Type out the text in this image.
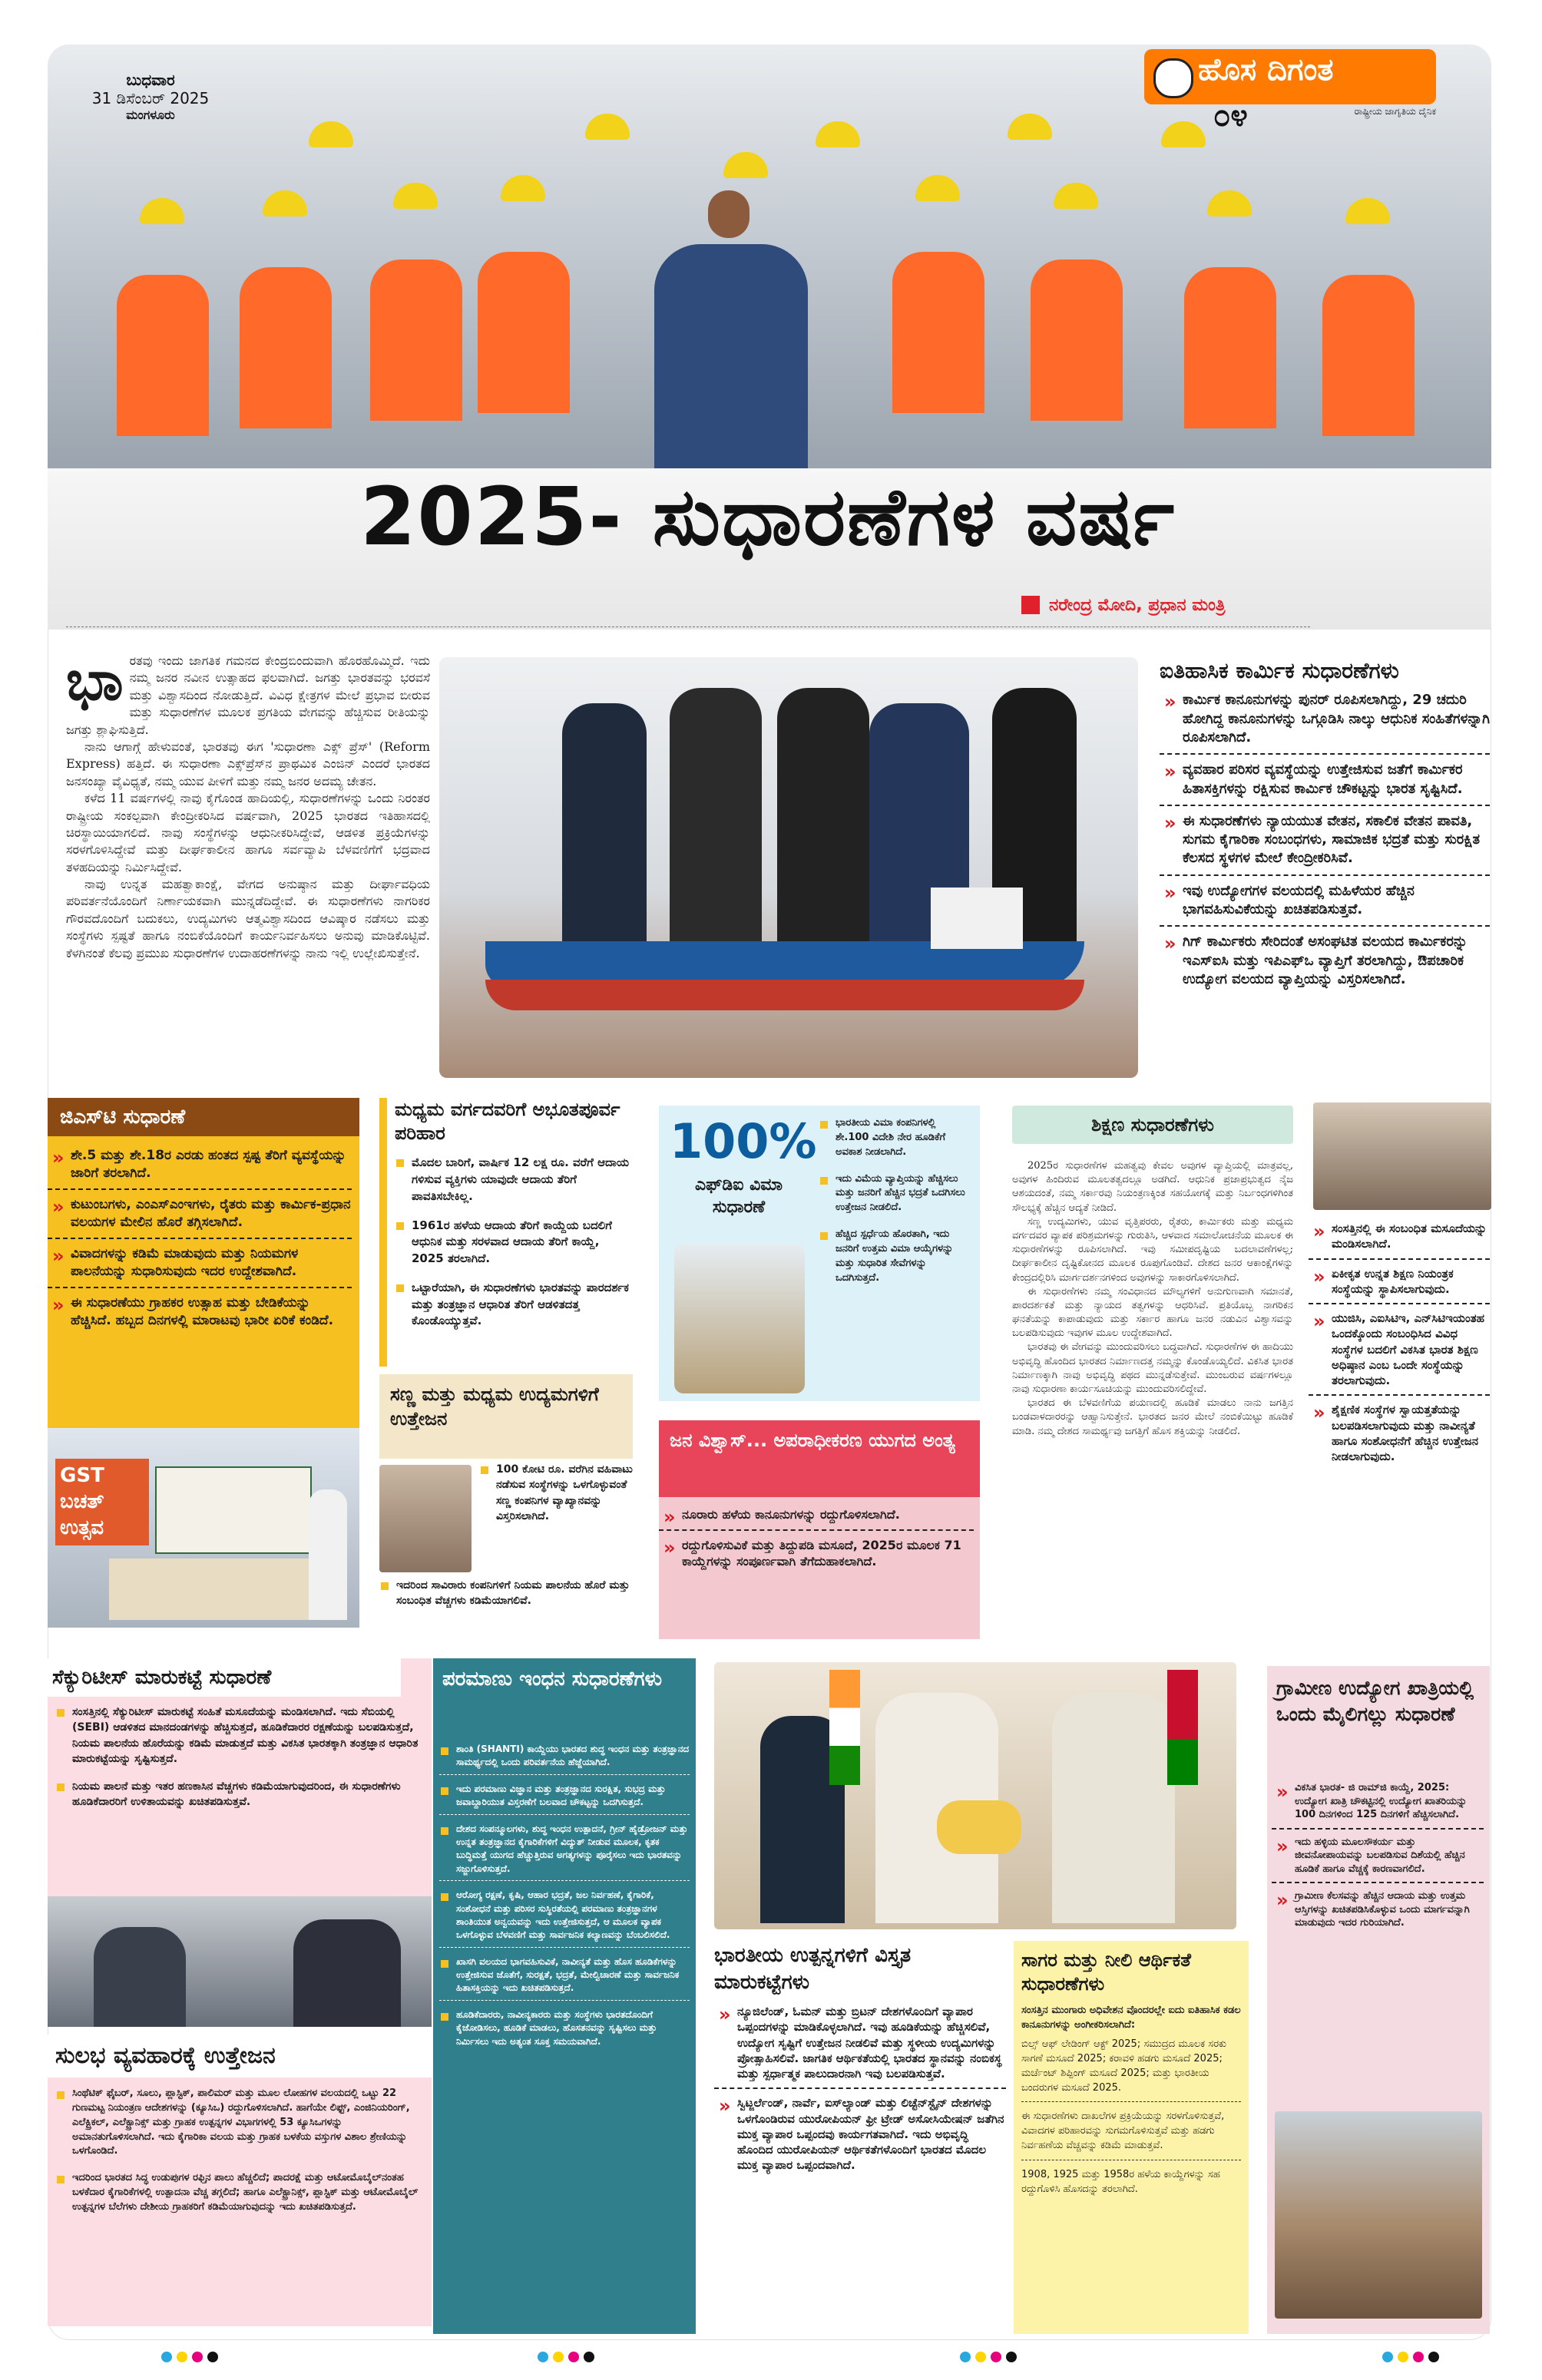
ಬುಧವಾರ
31 ಡಿಸೆಂಬರ್ 2025
ಮಂಗಳೂರು
ಹೊಸ ದಿಗಂತ
ರಾಷ್ಟ್ರೀಯ ಜಾಗೃತಿಯ ದೈನಿಕ
೦೪
2025- ಸುಧಾರಣೆಗಳ ವರ್ಷ
ನರೇಂದ್ರ ಮೋದಿ, ಪ್ರಧಾನ ಮಂತ್ರಿ
ಭಾ ರತವು ಇಂದು ಜಾಗತಿಕ ಗಮನದ ಕೇಂದ್ರಬಿಂದುವಾಗಿ ಹೊರಹೊಮ್ಮಿದೆ. ಇದು ನಮ್ಮ ಜನರ ನವೀನ ಉತ್ಸಾಹದ ಫಲವಾಗಿದೆ. ಜಗತ್ತು ಭಾರತವನ್ನು ಭರವಸೆ ಮತ್ತು ವಿಶ್ವಾಸದಿಂದ ನೋಡುತ್ತಿದೆ. ವಿವಿಧ ಕ್ಷೇತ್ರಗಳ ಮೇಲೆ ಪ್ರಭಾವ ಬೀರುವ ಮತ್ತು ಸುಧಾರಣೆಗಳ ಮೂಲಕ ಪ್ರಗತಿಯ ವೇಗವನ್ನು ಹೆಚ್ಚಿಸುವ ರೀತಿಯನ್ನು ಜಗತ್ತು ಶ್ಲಾಘಿಸುತ್ತಿದೆ.

ನಾನು ಆಗಾಗ್ಗೆ ಹೇಳುವಂತೆ, ಭಾರತವು ಈಗ 'ಸುಧಾರಣಾ ಎಕ್ಸ್ ಪ್ರೆಸ್' (Reform Express) ಹತ್ತಿದೆ. ಈ ಸುಧಾರಣಾ ಎಕ್ಸ್‌ಪ್ರೆಸ್‌ನ ಪ್ರಾಥಮಿಕ ಎಂಜಿನ್ ಎಂದರೆ ಭಾರತದ ಜನಸಂಖ್ಯಾ ವೈವಿಧ್ಯತೆ, ನಮ್ಮ ಯುವ ಪೀಳಿಗೆ ಮತ್ತು ನಮ್ಮ ಜನರ ಅದಮ್ಯ ಚೇತನ.

ಕಳೆದ 11 ವರ್ಷಗಳಲ್ಲಿ ನಾವು ಕೈಗೊಂಡ ಹಾದಿಯಲ್ಲಿ, ಸುಧಾರಣೆಗಳನ್ನು ಒಂದು ನಿರಂತರ ರಾಷ್ಟ್ರೀಯ ಸಂಕಲ್ಪವಾಗಿ ಕೇಂದ್ರೀಕರಿಸಿದ ವರ್ಷವಾಗಿ, 2025 ಭಾರತದ ಇತಿಹಾಸದಲ್ಲಿ ಚಿರಸ್ಥಾಯಿಯಾಗಲಿದೆ. ನಾವು ಸಂಸ್ಥೆಗಳನ್ನು ಆಧುನೀಕರಿಸಿದ್ದೇವೆ, ಆಡಳಿತ ಪ್ರಕ್ರಿಯೆಗಳನ್ನು ಸರಳಗೊಳಿಸಿದ್ದೇವೆ ಮತ್ತು ದೀರ್ಘಕಾಲೀನ ಹಾಗೂ ಸರ್ವವ್ಯಾಪಿ ಬೆಳವಣಿಗೆಗೆ ಭದ್ರವಾದ ತಳಹದಿಯನ್ನು ನಿರ್ಮಿಸಿದ್ದೇವೆ.

ನಾವು ಉನ್ನತ ಮಹತ್ವಾಕಾಂಕ್ಷೆ, ವೇಗದ ಅನುಷ್ಠಾನ ಮತ್ತು ದೀರ್ಘಾವಧಿಯ ಪರಿವರ್ತನೆಯೊಂದಿಗೆ ನಿರ್ಣಾಯಕವಾಗಿ ಮುನ್ನಡೆದಿದ್ದೇವೆ. ಈ ಸುಧಾರಣೆಗಳು ನಾಗರಿಕರ ಗೌರವದೊಂದಿಗೆ ಬದುಕಲು, ಉದ್ಯಮಿಗಳು ಆತ್ಮವಿಶ್ವಾಸದಿಂದ ಆವಿಷ್ಕಾರ ನಡೆಸಲು ಮತ್ತು ಸಂಸ್ಥೆಗಳು ಸ್ಪಷ್ಟತೆ ಹಾಗೂ ನಂಬಿಕೆಯೊಂದಿಗೆ ಕಾರ್ಯನಿರ್ವಹಿಸಲು ಅನುವು ಮಾಡಿಕೊಟ್ಟಿವೆ. ಕೆಳಗಿನಂತೆ ಕೆಲವು ಪ್ರಮುಖ ಸುಧಾರಣೆಗಳ ಉದಾಹರಣೆಗಳನ್ನು ನಾನು ಇಲ್ಲಿ ಉಲ್ಲೇಖಿಸುತ್ತೇನೆ.

ಐತಿಹಾಸಿಕ ಕಾರ್ಮಿಕ ಸುಧಾರಣೆಗಳು
» ಕಾರ್ಮಿಕ ಕಾನೂನುಗಳನ್ನು ಪುನರ್ ರೂಪಿಸಲಾಗಿದ್ದು, 29 ಚದುರಿ ಹೋಗಿದ್ದ ಕಾನೂನುಗಳನ್ನು ಒಗ್ಗೂಡಿಸಿ ನಾಲ್ಕು ಆಧುನಿಕ ಸಂಹಿತೆಗಳನ್ನಾಗಿ ರೂಪಿಸಲಾಗಿದೆ.
» ವ್ಯವಹಾರ ಪರಿಸರ ವ್ಯವಸ್ಥೆಯನ್ನು ಉತ್ತೇಜಿಸುವ ಜತೆಗೆ ಕಾರ್ಮಿಕರ ಹಿತಾಸಕ್ತಿಗಳನ್ನು ರಕ್ಷಿಸುವ ಕಾರ್ಮಿಕ ಚೌಕಟ್ಟನ್ನು ಭಾರತ ಸೃಷ್ಟಿಸಿದೆ.
» ಈ ಸುಧಾರಣೆಗಳು ನ್ಯಾಯಯುತ ವೇತನ, ಸಕಾಲಿಕ ವೇತನ ಪಾವತಿ, ಸುಗಮ ಕೈಗಾರಿಕಾ ಸಂಬಂಧಗಳು, ಸಾಮಾಜಿಕ ಭದ್ರತೆ ಮತ್ತು ಸುರಕ್ಷಿತ ಕೆಲಸದ ಸ್ಥಳಗಳ ಮೇಲೆ ಕೇಂದ್ರೀಕರಿಸಿವೆ.
» ಇವು ಉದ್ಯೋಗಗಳ ವಲಯದಲ್ಲಿ ಮಹಿಳೆಯರ ಹೆಚ್ಚಿನ ಭಾಗವಹಿಸುವಿಕೆಯನ್ನು ಖಚಿತಪಡಿಸುತ್ತವೆ.
» ಗಿಗ್ ಕಾರ್ಮಿಕರು ಸೇರಿದಂತೆ ಅಸಂಘಟಿತ ವಲಯದ ಕಾರ್ಮಿಕರನ್ನು ಇಎಸ್ಐಸಿ ಮತ್ತು ಇಪಿಎಫ್ಒ ವ್ಯಾಪ್ತಿಗೆ ತರಲಾಗಿದ್ದು, ಔಪಚಾರಿಕ ಉದ್ಯೋಗ ವಲಯದ ವ್ಯಾಪ್ತಿಯನ್ನು ವಿಸ್ತರಿಸಲಾಗಿದೆ.
ಜಿಎಸ್‌ಟಿ ಸುಧಾರಣೆ
» ಶೇ.5 ಮತ್ತು ಶೇ.18ರ ಎರಡು ಹಂತದ ಸ್ಪಷ್ಟ ತೆರಿಗೆ ವ್ಯವಸ್ಥೆಯನ್ನು ಜಾರಿಗೆ ತರಲಾಗಿದೆ.
» ಕುಟುಂಬಗಳು, ಎಂಎಸ್‌ಎಂಇಗಳು, ರೈತರು ಮತ್ತು ಕಾರ್ಮಿಕ-ಪ್ರಧಾನ ವಲಯಗಳ ಮೇಲಿನ ಹೊರೆ ತಗ್ಗಿಸಲಾಗಿದೆ.
» ವಿವಾದಗಳನ್ನು ಕಡಿಮೆ ಮಾಡುವುದು ಮತ್ತು ನಿಯಮಗಳ ಪಾಲನೆಯನ್ನು ಸುಧಾರಿಸುವುದು ಇದರ ಉದ್ದೇಶವಾಗಿದೆ.
» ಈ ಸುಧಾರಣೆಯು ಗ್ರಾಹಕರ ಉತ್ಸಾಹ ಮತ್ತು ಬೇಡಿಕೆಯನ್ನು ಹೆಚ್ಚಿಸಿದೆ. ಹಬ್ಬದ ದಿನಗಳಲ್ಲಿ ಮಾರಾಟವು ಭಾರೀ ಏರಿಕೆ ಕಂಡಿದೆ.
GST ಬಚತ್ ಉತ್ಸವ
ಮಧ್ಯಮ ವರ್ಗದವರಿಗೆ ಅಭೂತಪೂರ್ವ ಪರಿಹಾರ
ಮೊದಲ ಬಾರಿಗೆ, ವಾರ್ಷಿಕ 12 ಲಕ್ಷ ರೂ. ವರೆಗೆ ಆದಾಯ ಗಳಿಸುವ ವ್ಯಕ್ತಿಗಳು ಯಾವುದೇ ಆದಾಯ ತೆರಿಗೆ ಪಾವತಿಸಬೇಕಿಲ್ಲ.
1961ರ ಹಳೆಯ ಆದಾಯ ತೆರಿಗೆ ಕಾಯ್ದೆಯ ಬದಲಿಗೆ ಆಧುನಿಕ ಮತ್ತು ಸರಳವಾದ ಆದಾಯ ತೆರಿಗೆ ಕಾಯ್ದೆ, 2025 ತರಲಾಗಿದೆ.
ಒಟ್ಟಾರೆಯಾಗಿ, ಈ ಸುಧಾರಣೆಗಳು ಭಾರತವನ್ನು ಪಾರದರ್ಶಕ ಮತ್ತು ತಂತ್ರಜ್ಞಾನ ಆಧಾರಿತ ತೆರಿಗೆ ಆಡಳಿತದತ್ತ ಕೊಂಡೊಯ್ಯುತ್ತವೆ.
ಸಣ್ಣ ಮತ್ತು ಮಧ್ಯಮ ಉದ್ಯಮಗಳಿಗೆ ಉತ್ತೇಜನ
100 ಕೋಟಿ ರೂ. ವರೆಗಿನ ವಹಿವಾಟು ನಡೆಸುವ ಸಂಸ್ಥೆಗಳನ್ನು ಒಳಗೊಳ್ಳುವಂತೆ ಸಣ್ಣ ಕಂಪನಿಗಳ ವ್ಯಾಖ್ಯಾನವನ್ನು ವಿಸ್ತರಿಸಲಾಗಿದೆ.
ಇದರಿಂದ ಸಾವಿರಾರು ಕಂಪನಿಗಳಿಗೆ ನಿಯಮ ಪಾಲನೆಯ ಹೊರೆ ಮತ್ತು ಸಂಬಂಧಿತ ವೆಚ್ಚಗಳು ಕಡಿಮೆಯಾಗಲಿವೆ.
100%
ಎಫ್‌ಡಿಐ ವಿಮಾ ಸುಧಾರಣೆ
ಭಾರತೀಯ ವಿಮಾ ಕಂಪನಿಗಳಲ್ಲಿ ಶೇ.100 ವಿದೇಶಿ ನೇರ ಹೂಡಿಕೆಗೆ ಅವಕಾಶ ನೀಡಲಾಗಿದೆ.
ಇದು ವಿಮೆಯ ವ್ಯಾಪ್ತಿಯನ್ನು ಹೆಚ್ಚಿಸಲು ಮತ್ತು ಜನರಿಗೆ ಹೆಚ್ಚಿನ ಭದ್ರತೆ ಒದಗಿಸಲು ಉತ್ತೇಜನ ನೀಡಲಿದೆ.
ಹೆಚ್ಚಿದ ಸ್ಪರ್ಧೆಯ ಹೊರತಾಗಿ, ಇದು ಜನರಿಗೆ ಉತ್ತಮ ವಿಮಾ ಆಯ್ಕೆಗಳನ್ನು ಮತ್ತು ಸುಧಾರಿತ ಸೇವೆಗಳನ್ನು ಒದಗಿಸುತ್ತದೆ.
ಜನ ವಿಶ್ವಾಸ್... ಅಪರಾಧೀಕರಣ ಯುಗದ ಅಂತ್ಯ
» ನೂರಾರು ಹಳೆಯ ಕಾನೂನುಗಳನ್ನು ರದ್ದುಗೊಳಿಸಲಾಗಿದೆ.
» ರದ್ದುಗೊಳಿಸುವಿಕೆ ಮತ್ತು ತಿದ್ದುಪಡಿ ಮಸೂದೆ, 2025ರ ಮೂಲಕ 71 ಕಾಯ್ದೆಗಳನ್ನು ಸಂಪೂರ್ಣವಾಗಿ ತೆಗೆದುಹಾಕಲಾಗಿದೆ.
ಶಿಕ್ಷಣ ಸುಧಾರಣೆಗಳು

2025ರ ಸುಧಾರಣೆಗಳ ಮಹತ್ವವು ಕೇವಲ ಅವುಗಳ ವ್ಯಾಪ್ತಿಯಲ್ಲಿ ಮಾತ್ರವಲ್ಲ, ಅವುಗಳ ಹಿಂದಿರುವ ಮೂಲತತ್ವದಲ್ಲೂ ಅಡಗಿದೆ. ಆಧುನಿಕ ಪ್ರಜಾಪ್ರಭುತ್ವದ ನೈಜ ಆಶಯದಂತೆ, ನಮ್ಮ ಸರ್ಕಾರವು ನಿಯಂತ್ರಣಕ್ಕಿಂತ ಸಹಯೋಗಕ್ಕೆ ಮತ್ತು ನಿರ್ಬಂಧಗಳಿಗಿಂತ ಸೌಲಭ್ಯಕ್ಕೆ ಹೆಚ್ಚಿನ ಆದ್ಯತೆ ನೀಡಿದೆ.

ಸಣ್ಣ ಉದ್ಯಮಿಗಳು, ಯುವ ವೃತ್ತಿಪರರು, ರೈತರು, ಕಾರ್ಮಿಕರು ಮತ್ತು ಮಧ್ಯಮ ವರ್ಗದವರ ವ್ಯಾಪಕ ಪರಿಶ್ರಮಗಳನ್ನು ಗುರುತಿಸಿ, ಆಳವಾದ ಸಮಾಲೋಚನೆಯ ಮೂಲಕ ಈ ಸುಧಾರಣೆಗಳನ್ನು ರೂಪಿಸಲಾಗಿದೆ. ಇವು ಸಮೀಪದೃಷ್ಟಿಯ ಬದಲಾವಣೆಗಳಲ್ಲ; ದೀರ್ಘಕಾಲೀನ ದೃಷ್ಟಿಕೋನದ ಮೂಲಕ ರೂಪುಗೊಂಡಿವೆ. ದೇಶದ ಜನರ ಆಕಾಂಕ್ಷೆಗಳನ್ನು ಕೇಂದ್ರದಲ್ಲಿರಿಸಿ ಮಾರ್ಗದರ್ಶನಗಳಿಂದ ಅವುಗಳನ್ನು ಸಾಕಾರಗೊಳಿಸಲಾಗಿದೆ.

ಈ ಸುಧಾರಣೆಗಳು ನಮ್ಮ ಸಂವಿಧಾನದ ಮೌಲ್ಯಗಳಿಗೆ ಅನುಗುಣವಾಗಿ ಸಮಾನತೆ, ಪಾರದರ್ಶಕತೆ ಮತ್ತು ನ್ಯಾಯದ ತತ್ವಗಳನ್ನು ಆಧರಿಸಿವೆ. ಪ್ರತಿಯೊಬ್ಬ ನಾಗರಿಕನ ಘನತೆಯನ್ನು ಕಾಪಾಡುವುದು ಮತ್ತು ಸರ್ಕಾರ ಹಾಗೂ ಜನರ ನಡುವಿನ ವಿಶ್ವಾಸವನ್ನು ಬಲಪಡಿಸುವುದು ಇವುಗಳ ಮೂಲ ಉದ್ದೇಶವಾಗಿದೆ.

ಭಾರತವು ಈ ವೇಗವನ್ನು ಮುಂದುವರಿಸಲು ಬದ್ಧವಾಗಿದೆ. ಸುಧಾರಣೆಗಳ ಈ ಹಾದಿಯು ಅಭಿವೃದ್ಧಿ ಹೊಂದಿದ ಭಾರತದ ನಿರ್ಮಾಣದತ್ತ ನಮ್ಮನ್ನು ಕೊಂಡೊಯ್ಯಲಿದೆ. ವಿಕಸಿತ ಭಾರತ ನಿರ್ಮಾಣಕ್ಕಾಗಿ ನಾವು ಅಭಿವೃದ್ಧಿ ಪಥದ ಮುನ್ನಡೆಸುತ್ತೇವೆ. ಮುಂಬರುವ ವರ್ಷಗಳಲ್ಲೂ ನಾವು ಸುಧಾರಣಾ ಕಾರ್ಯಸೂಚಿಯನ್ನು ಮುಂದುವರಿಸಲಿದ್ದೇವೆ.

ಭಾರತದ ಈ ಬೆಳವಣಿಗೆಯ ಪಯಣದಲ್ಲಿ ಹೂಡಿಕೆ ಮಾಡಲು ನಾನು ಜಗತ್ತಿನ ಬಂಡವಾಳದಾರರನ್ನು ಆಹ್ವಾನಿಸುತ್ತೇನೆ. ಭಾರತದ ಜನರ ಮೇಲೆ ನಂಬಿಕೆಯಿಟ್ಟು ಹೂಡಿಕೆ ಮಾಡಿ. ನಮ್ಮ ದೇಶದ ಸಾಮರ್ಥ್ಯವು ಜಗತ್ತಿಗೆ ಹೊಸ ಶಕ್ತಿಯನ್ನು ನೀಡಲಿದೆ.

» ಸಂಸತ್ತಿನಲ್ಲಿ ಈ ಸಂಬಂಧಿತ ಮಸೂದೆಯನ್ನು ಮಂಡಿಸಲಾಗಿದೆ.
» ಏಕೀಕೃತ ಉನ್ನತ ಶಿಕ್ಷಣ ನಿಯಂತ್ರಕ ಸಂಸ್ಥೆಯನ್ನು ಸ್ಥಾಪಿಸಲಾಗುವುದು.
» ಯುಜಿಸಿ, ಎಐಸಿಟಿಇ, ಎನ್‌ಸಿಟಿಇಯಂತಹ ಒಂದಕ್ಕೊಂದು ಸಂಬಂಧಿಸಿದ ವಿವಿಧ ಸಂಸ್ಥೆಗಳ ಬದಲಿಗೆ ವಿಕಸಿತ ಭಾರತ ಶಿಕ್ಷಣ ಅಧಿಷ್ಠಾನ ಎಂಬ ಒಂದೇ ಸಂಸ್ಥೆಯನ್ನು ತರಲಾಗುವುದು.
» ಶೈಕ್ಷಣಿಕ ಸಂಸ್ಥೆಗಳ ಸ್ವಾಯತ್ತತೆಯನ್ನು ಬಲಪಡಿಸಲಾಗುವುದು ಮತ್ತು ನಾವೀನ್ಯತೆ ಹಾಗೂ ಸಂಶೋಧನೆಗೆ ಹೆಚ್ಚಿನ ಉತ್ತೇಜನ ನೀಡಲಾಗುವುದು.
ಸೆಕ್ಯುರಿಟೀಸ್ ಮಾರುಕಟ್ಟೆ ಸುಧಾರಣೆ
ಸಂಸತ್ತಿನಲ್ಲಿ ಸೆಕ್ಯುರಿಟೀಸ್ ಮಾರುಕಟ್ಟೆ ಸಂಹಿತೆ ಮಸೂದೆಯನ್ನು ಮಂಡಿಸಲಾಗಿದೆ. ಇದು ಸೆಬಿಯಲ್ಲಿ (SEBI) ಆಡಳಿತದ ಮಾನದಂಡಗಳನ್ನು ಹೆಚ್ಚಿಸುತ್ತದೆ, ಹೂಡಿಕೆದಾರರ ರಕ್ಷಣೆಯನ್ನು ಬಲಪಡಿಸುತ್ತದೆ, ನಿಯಮ ಪಾಲನೆಯ ಹೊರೆಯನ್ನು ಕಡಿಮೆ ಮಾಡುತ್ತದೆ ಮತ್ತು ವಿಕಸಿತ ಭಾರತಕ್ಕಾಗಿ ತಂತ್ರಜ್ಞಾನ ಆಧಾರಿತ ಮಾರುಕಟ್ಟೆಯನ್ನು ಸೃಷ್ಟಿಸುತ್ತದೆ.
ನಿಯಮ ಪಾಲನೆ ಮತ್ತು ಇತರ ಹಣಕಾಸಿನ ವೆಚ್ಚಗಳು ಕಡಿಮೆಯಾಗುವುದರಿಂದ, ಈ ಸುಧಾರಣೆಗಳು ಹೂಡಿಕೆದಾರರಿಗೆ ಉಳಿತಾಯವನ್ನು ಖಚಿತಪಡಿಸುತ್ತವೆ.
ಸುಲಭ ವ್ಯವಹಾರಕ್ಕೆ ಉತ್ತೇಜನ
ಸಿಂಥೆಟಿಕ್ ಫೈಬರ್, ಸೂಲು, ಪ್ಲಾಸ್ಟಿಕ್, ಪಾಲಿಮರ್ ಮತ್ತು ಮೂಲ ಲೋಹಗಳ ವಲಯದಲ್ಲಿ ಒಟ್ಟು 22 ಗುಣಮಟ್ಟ ನಿಯಂತ್ರಣ ಆದೇಶಗಳನ್ನು (ಕ್ಯೂಸಿಒ) ರದ್ದುಗೊಳಿಸಲಾಗಿದೆ. ಹಾಗೆಯೇ ಲಿಫ್ಟ್, ಎಂಜಿನಿಯರಿಂಗ್, ಎಲೆಕ್ಟ್ರಿಕಲ್, ಎಲೆಕ್ಟ್ರಾನಿಕ್ಸ್ ಮತ್ತು ಗ್ರಾಹಕ ಉತ್ಪನ್ನಗಳ ವಿಭಾಗಗಳಲ್ಲಿ 53 ಕ್ಯೂಸಿಒಗಳನ್ನು ಅಮಾನತುಗೊಳಿಸಲಾಗಿದೆ. ಇದು ಕೈಗಾರಿಕಾ ವಲಯ ಮತ್ತು ಗ್ರಾಹಕ ಬಳಕೆಯ ವಸ್ತುಗಳ ವಿಶಾಲ ಶ್ರೇಣಿಯನ್ನು ಒಳಗೊಂಡಿದೆ.
ಇದರಿಂದ ಭಾರತದ ಸಿದ್ಧ ಉಡುಪುಗಳ ರಫ್ತಿನ ಪಾಲು ಹೆಚ್ಚಲಿದೆ; ಪಾದರಕ್ಷೆ ಮತ್ತು ಆಟೋಮೊಬೈಲ್‌ನಂತಹ ಬಳಕೆದಾರ ಕೈಗಾರಿಕೆಗಳಲ್ಲಿ ಉತ್ಪಾದನಾ ವೆಚ್ಚ ತಗ್ಗಲಿದೆ; ಹಾಗೂ ಎಲೆಕ್ಟ್ರಾನಿಕ್ಸ್, ಪ್ಲಾಸ್ಟಿಕ್ ಮತ್ತು ಆಟೋಮೊಬೈಲ್ ಉತ್ಪನ್ನಗಳ ಬೆಲೆಗಳು ದೇಶೀಯ ಗ್ರಾಹಕರಿಗೆ ಕಡಿಮೆಯಾಗುವುದನ್ನು ಇದು ಖಚಿತಪಡಿಸುತ್ತದೆ.
ಪರಮಾಣು ಇಂಧನ ಸುಧಾರಣೆಗಳು
ಶಾಂತಿ (SHANTI) ಕಾಯ್ದೆಯು ಭಾರತದ ಶುದ್ಧ ಇಂಧನ ಮತ್ತು ತಂತ್ರಜ್ಞಾನದ ಸಾಮರ್ಥ್ಯದಲ್ಲಿ ಒಂದು ಪರಿವರ್ತನೆಯ ಹೆಜ್ಜೆಯಾಗಿದೆ.
ಇದು ಪರಮಾಣು ವಿಜ್ಞಾನ ಮತ್ತು ತಂತ್ರಜ್ಞಾನದ ಸುರಕ್ಷಿತ, ಸುಭದ್ರ ಮತ್ತು ಜವಾಬ್ದಾರಿಯುತ ವಿಸ್ತರಣೆಗೆ ಬಲವಾದ ಚೌಕಟ್ಟನ್ನು ಒದಗಿಸುತ್ತದೆ.
ದೇಶದ ಸಂಪನ್ಮೂಲಗಳು, ಶುದ್ಧ ಇಂಧನ ಉತ್ಪಾದನೆ, ಗ್ರೀನ್ ಹೈಡ್ರೋಜನ್ ಮತ್ತು ಉನ್ನತ ತಂತ್ರಜ್ಞಾನದ ಕೈಗಾರಿಕೆಗಳಿಗೆ ವಿದ್ಯುತ್ ನೀಡುವ ಮೂಲಕ, ಕೃತಕ ಬುದ್ಧಿಮತ್ತೆ ಯುಗದ ಹೆಚ್ಚುತ್ತಿರುವ ಅಗತ್ಯಗಳನ್ನು ಪೂರೈಸಲು ಇದು ಭಾರತವನ್ನು ಸಜ್ಜುಗೊಳಿಸುತ್ತದೆ.
ಆರೋಗ್ಯ ರಕ್ಷಣೆ, ಕೃಷಿ, ಆಹಾರ ಭದ್ರತೆ, ಜಲ ನಿರ್ವಹಣೆ, ಕೈಗಾರಿಕೆ, ಸಂಶೋಧನೆ ಮತ್ತು ಪರಿಸರ ಸುಸ್ಥಿರತೆಯಲ್ಲಿ ಪರಮಾಣು ತಂತ್ರಜ್ಞಾನಗಳ ಶಾಂತಿಯುತ ಅನ್ವಯವನ್ನು ಇದು ಉತ್ತೇಜಿಸುತ್ತದೆ, ಆ ಮೂಲಕ ವ್ಯಾಪಕ ಒಳಗೊಳ್ಳುವ ಬೆಳವಣಿಗೆ ಮತ್ತು ಸಾರ್ವಜನಿಕ ಕಲ್ಯಾಣವನ್ನು ಬೆಂಬಲಿಸಲಿದೆ.
ಖಾಸಗಿ ವಲಯದ ಭಾಗವಹಿಸುವಿಕೆ, ನಾವೀನ್ಯತೆ ಮತ್ತು ಹೊಸ ಹೂಡಿಕೆಗಳನ್ನು ಉತ್ತೇಜಿಸುವ ಜೊತೆಗೆ, ಸುರಕ್ಷತೆ, ಭದ್ರತೆ, ಮೇಲ್ವಿಚಾರಣೆ ಮತ್ತು ಸಾರ್ವಜನಿಕ ಹಿತಾಸಕ್ತಿಯನ್ನು ಇದು ಖಚಿತಪಡಿಸುತ್ತದೆ.
ಹೂಡಿಕೆದಾರರು, ನಾವೀನ್ಯಕಾರರು ಮತ್ತು ಸಂಸ್ಥೆಗಳು ಭಾರತದೊಂದಿಗೆ ಕೈಜೋಡಿಸಲು, ಹೂಡಿಕೆ ಮಾಡಲು, ಹೊಸತನವನ್ನು ಸೃಷ್ಟಿಸಲು ಮತ್ತು ನಿರ್ಮಿಸಲು ಇದು ಅತ್ಯಂತ ಸೂಕ್ತ ಸಮಯವಾಗಿದೆ.
ಭಾರತೀಯ ಉತ್ಪನ್ನಗಳಿಗೆ ವಿಸ್ತೃತ ಮಾರುಕಟ್ಟೆಗಳು
» ನ್ಯೂಜಿಲೆಂಡ್, ಓಮನ್ ಮತ್ತು ಬ್ರಿಟನ್ ದೇಶಗಳೊಂದಿಗೆ ವ್ಯಾಪಾರ ಒಪ್ಪಂದಗಳನ್ನು ಮಾಡಿಕೊಳ್ಳಲಾಗಿದೆ. ಇವು ಹೂಡಿಕೆಯನ್ನು ಹೆಚ್ಚಿಸಲಿವೆ, ಉದ್ಯೋಗ ಸೃಷ್ಟಿಗೆ ಉತ್ತೇಜನ ನೀಡಲಿವೆ ಮತ್ತು ಸ್ಥಳೀಯ ಉದ್ಯಮಿಗಳನ್ನು ಪ್ರೋತ್ಸಾಹಿಸಲಿವೆ. ಜಾಗತಿಕ ಆರ್ಥಿಕತೆಯಲ್ಲಿ ಭಾರತದ ಸ್ಥಾನವನ್ನು ನಂಬಿಕಸ್ಥ ಮತ್ತು ಸ್ಪರ್ಧಾತ್ಮಕ ಪಾಲುದಾರನಾಗಿ ಇವು ಬಲಪಡಿಸುತ್ತವೆ.
» ಸ್ವಿಟ್ಜರ್ಲೆಂಡ್, ನಾರ್ವೆ, ಐಸ್‌ಲ್ಯಾಂಡ್ ಮತ್ತು ಲಿಚ್ಟೆನ್‌ಸ್ಟೈನ್ ದೇಶಗಳನ್ನು ಒಳಗೊಂಡಿರುವ ಯುರೋಪಿಯನ್ ಫ್ರೀ ಟ್ರೇಡ್ ಅಸೋಸಿಯೇಷನ್ ಜತೆಗಿನ ಮುಕ್ತ ವ್ಯಾಪಾರ ಒಪ್ಪಂದವು ಕಾರ್ಯಗತವಾಗಿದೆ. ಇದು ಅಭಿವೃದ್ಧಿ ಹೊಂದಿದ ಯುರೋಪಿಯನ್ ಆರ್ಥಿಕತೆಗಳೊಂದಿಗೆ ಭಾರತದ ಮೊದಲ ಮುಕ್ತ ವ್ಯಾಪಾರ ಒಪ್ಪಂದವಾಗಿದೆ.
ಸಾಗರ ಮತ್ತು ನೀಲಿ ಆರ್ಥಿಕತೆ ಸುಧಾರಣೆಗಳು
ಸಂಸತ್ತಿನ ಮುಂಗಾರು ಅಧಿವೇಶನ ವೊಂದರಲ್ಲೇ ಐದು ಐತಿಹಾಸಿಕ ಕಡಲ ಕಾನೂನುಗಳನ್ನು ಅಂಗೀಕರಿಸಲಾಗಿದೆ:
ಬಿಲ್ಸ್ ಆಫ್ ಲೇಡಿಂಗ್ ಆಕ್ಟ್ 2025; ಸಮುದ್ರದ ಮೂಲಕ ಸರಕು ಸಾಗಣೆ ಮಸೂದೆ 2025; ಕರಾವಳಿ ಹಡಗು ಮಸೂದೆ 2025; ಮರ್ಚೆಂಟ್ ಶಿಪ್ಪಿಂಗ್ ಮಸೂದೆ 2025; ಮತ್ತು ಭಾರತೀಯ ಬಂದರುಗಳ ಮಸೂದೆ 2025.
ಈ ಸುಧಾರಣೆಗಳು ದಾಖಲೆಗಳ ಪ್ರಕ್ರಿಯೆಯನ್ನು ಸರಳಗೊಳಿಸುತ್ತವೆ, ವಿವಾದಗಳ ಪರಿಹಾರವನ್ನು ಸುಗಮಗೊಳಿಸುತ್ತವೆ ಮತ್ತು ಹಡಗು ನಿರ್ವಹಣೆಯ ವೆಚ್ಚವನ್ನು ಕಡಿಮೆ ಮಾಡುತ್ತವೆ.
1908, 1925 ಮತ್ತು 1958ರ ಹಳೆಯ ಕಾಯ್ದೆಗಳನ್ನು ಸಹ ರದ್ದುಗೊಳಿಸಿ ಹೊಸದನ್ನು ತರಲಾಗಿದೆ.
ಗ್ರಾಮೀಣ ಉದ್ಯೋಗ ಖಾತ್ರಿಯಲ್ಲಿ ಒಂದು ಮೈಲಿಗಲ್ಲು ಸುಧಾರಣೆ
» ವಿಕಸಿತ ಭಾರತ- ಜಿ ರಾಮ್‌ಜಿ ಕಾಯ್ದೆ, 2025: ಉದ್ಯೋಗ ಖಾತ್ರಿ ಚೌಕಟ್ಟಿನಲ್ಲಿ ಉದ್ಯೋಗ ಖಾತರಿಯನ್ನು 100 ದಿನಗಳಿಂದ 125 ದಿನಗಳಿಗೆ ಹೆಚ್ಚಿಸಲಾಗಿದೆ.
» ಇದು ಹಳ್ಳಿಯ ಮೂಲಸೌಕರ್ಯ ಮತ್ತು ಜೀವನೋಪಾಯವನ್ನು ಬಲಪಡಿಸುವ ದಿಶೆಯಲ್ಲಿ ಹೆಚ್ಚಿನ ಹೂಡಿಕೆ ಹಾಗೂ ವೆಚ್ಚಕ್ಕೆ ಕಾರಣವಾಗಲಿದೆ.
» ಗ್ರಾಮೀಣ ಕೆಲಸವನ್ನು ಹೆಚ್ಚಿನ ಆದಾಯ ಮತ್ತು ಉತ್ತಮ ಆಸ್ತಿಗಳನ್ನು ಖಚಿತಪಡಿಸಿಕೊಳ್ಳುವ ಒಂದು ಮಾರ್ಗವನ್ನಾಗಿ ಮಾಡುವುದು ಇದರ ಗುರಿಯಾಗಿದೆ.
